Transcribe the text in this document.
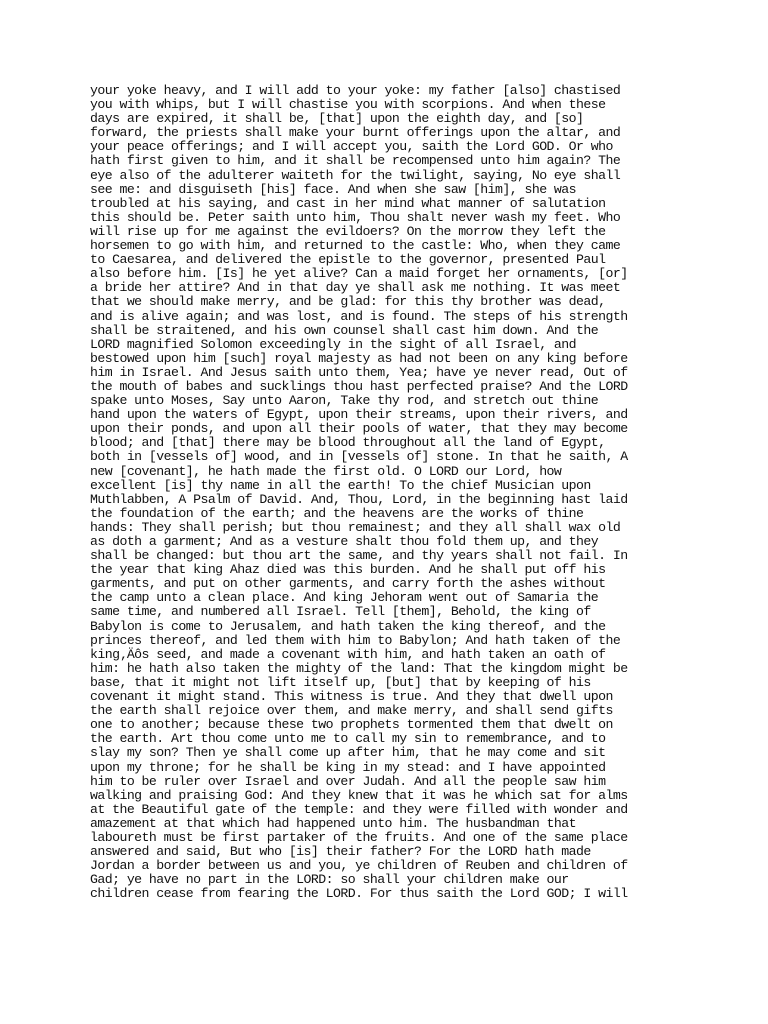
your yoke heavy, and I will add to your yoke: my father [also] chastised
you with whips, but I will chastise you with scorpions. And when these
days are expired, it shall be, [that] upon the eighth day, and [so]
forward, the priests shall make your burnt offerings upon the altar, and
your peace offerings; and I will accept you, saith the Lord GOD. Or who
hath first given to him, and it shall be recompensed unto him again? The
eye also of the adulterer waiteth for the twilight, saying, No eye shall
see me: and disguiseth [his] face. And when she saw [him], she was
troubled at his saying, and cast in her mind what manner of salutation
this should be. Peter saith unto him, Thou shalt never wash my feet. Who
will rise up for me against the evildoers? On the morrow they left the
horsemen to go with him, and returned to the castle: Who, when they came
to Caesarea, and delivered the epistle to the governor, presented Paul
also before him. [Is] he yet alive? Can a maid forget her ornaments, [or]
a bride her attire? And in that day ye shall ask me nothing. It was meet
that we should make merry, and be glad: for this thy brother was dead,
and is alive again; and was lost, and is found. The steps of his strength
shall be straitened, and his own counsel shall cast him down. And the
LORD magnified Solomon exceedingly in the sight of all Israel, and
bestowed upon him [such] royal majesty as had not been on any king before
him in Israel. And Jesus saith unto them, Yea; have ye never read, Out of
the mouth of babes and sucklings thou hast perfected praise? And the LORD
spake unto Moses, Say unto Aaron, Take thy rod, and stretch out thine
hand upon the waters of Egypt, upon their streams, upon their rivers, and
upon their ponds, and upon all their pools of water, that they may become
blood; and [that] there may be blood throughout all the land of Egypt,
both in [vessels of] wood, and in [vessels of] stone. In that he saith, A
new [covenant], he hath made the first old. O LORD our Lord, how
excellent [is] thy name in all the earth! To the chief Musician upon
Muthlabben, A Psalm of David. And, Thou, Lord, in the beginning hast laid
the foundation of the earth; and the heavens are the works of thine
hands: They shall perish; but thou remainest; and they all shall wax old
as doth a garment; And as a vesture shalt thou fold them up, and they
shall be changed: but thou art the same, and thy years shall not fail. In
the year that king Ahaz died was this burden. And he shall put off his
garments, and put on other garments, and carry forth the ashes without
the camp unto a clean place. And king Jehoram went out of Samaria the
same time, and numbered all Israel. Tell [them], Behold, the king of
Babylon is come to Jerusalem, and hath taken the king thereof, and the
princes thereof, and led them with him to Babylon; And hath taken of the
king‚Äôs seed, and made a covenant with him, and hath taken an oath of
him: he hath also taken the mighty of the land: That the kingdom might be
base, that it might not lift itself up, [but] that by keeping of his
covenant it might stand. This witness is true. And they that dwell upon
the earth shall rejoice over them, and make merry, and shall send gifts
one to another; because these two prophets tormented them that dwelt on
the earth. Art thou come unto me to call my sin to remembrance, and to
slay my son? Then ye shall come up after him, that he may come and sit
upon my throne; for he shall be king in my stead: and I have appointed
him to be ruler over Israel and over Judah. And all the people saw him
walking and praising God: And they knew that it was he which sat for alms
at the Beautiful gate of the temple: and they were filled with wonder and
amazement at that which had happened unto him. The husbandman that
laboureth must be first partaker of the fruits. And one of the same place
answered and said, But who [is] their father? For the LORD hath made
Jordan a border between us and you, ye children of Reuben and children of
Gad; ye have no part in the LORD: so shall your children make our
children cease from fearing the LORD. For thus saith the Lord GOD; I will
